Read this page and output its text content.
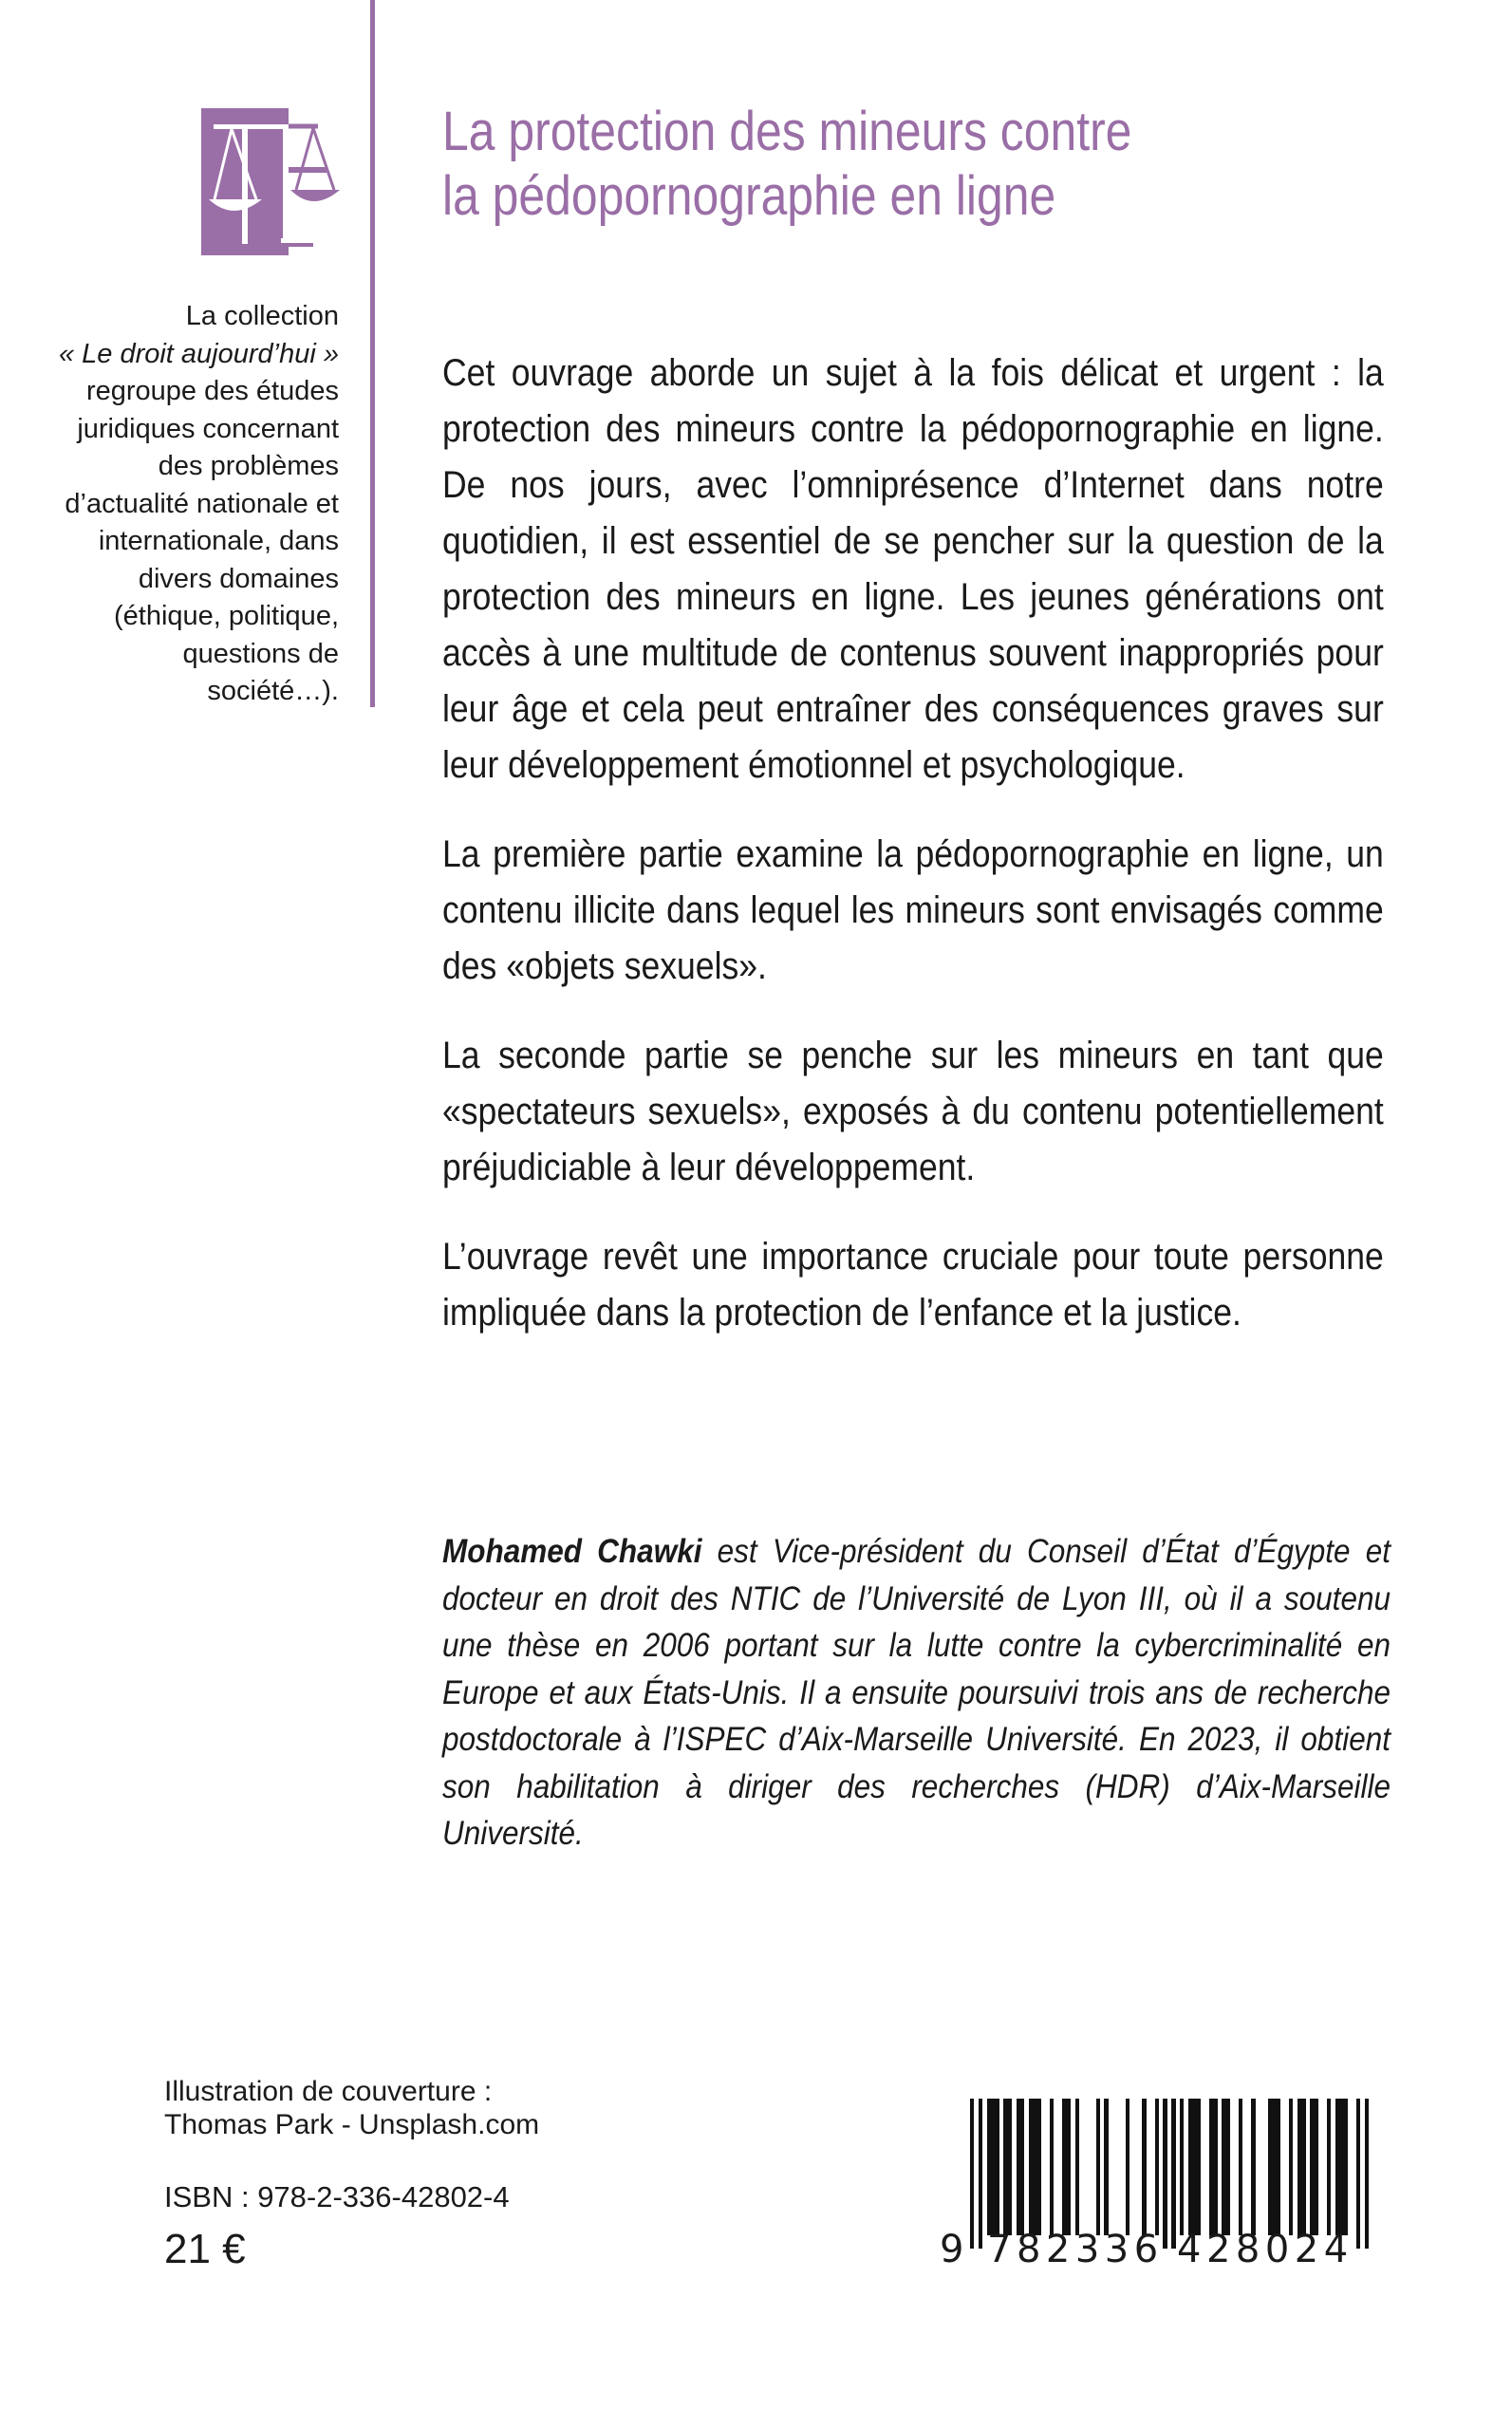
La protection des mineurs contre
la pédopornographie en ligne
La collection
« Le droit aujourd’hui » regroupe des études juridiques concernant des problèmes d’actualité nationale et internationale, dans divers domaines (éthique, politique, questions de société…).

Cet ouvrage aborde un sujet à la fois délicat et urgent : la protection des mineurs contre la pédopornographie en ligne. De nos jours, avec l’omniprésence d’Internet dans notre quotidien, il est essentiel de se pencher sur la question de la protection des mineurs en ligne. Les jeunes générations ont accès à une multitude de contenus souvent inappropriés pour leur âge et cela peut entraîner des conséquences graves sur leur développement émotionnel et psychologique.

La première partie examine la pédopornographie en ligne, un contenu illicite dans lequel les mineurs sont envisagés comme des «objets sexuels».

La seconde partie se penche sur les mineurs en tant que «spectateurs sexuels», exposés à du contenu potentiellement préjudiciable à leur développement.

L’ouvrage revêt une importance cruciale pour toute personne impliquée dans la protection de l’enfance et la justice.

Mohamed Chawki est Vice-président du Conseil d’État d’Égypte et docteur en droit des NTIC de l’Université de Lyon III, où il a soutenu une thèse en 2006 portant sur la lutte contre la cybercriminalité en Europe et aux États-Unis. Il a ensuite poursuivi trois ans de recherche postdoctorale à l’ISPEC d’Aix-Marseille Université. En 2023, il obtient son habilitation à diriger des recherches (HDR) d’Aix-Marseille Université.

Illustration de couverture :
Thomas Park - Unsplash.com
ISBN : 978-2-336-42802-4
21 €	9 782336 428024
